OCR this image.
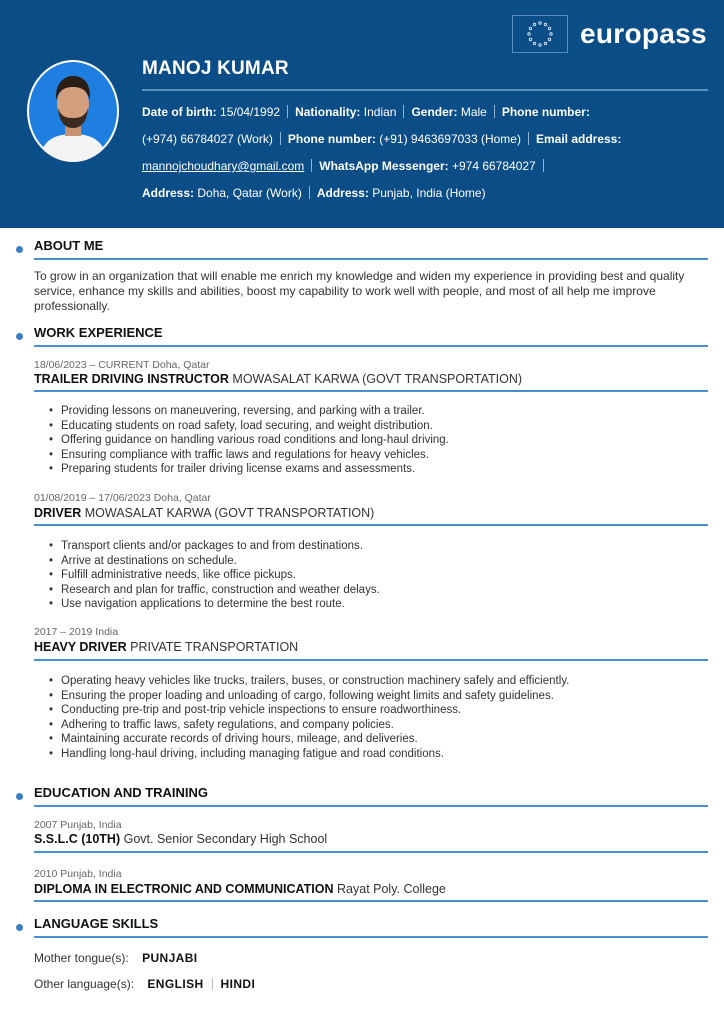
europass
MANOJ KUMAR
Date of birth: 15/04/1992 Nationality: Indian Gender: Male Phone number:
(+974) 66784027 (Work) Phone number: (+91) 9463697033 (Home) Email address:
mannojchoudhary@gmail.com WhatsApp Messenger: +974 66784027
Address: Doha, Qatar (Work) Address: Punjab, India (Home)
ABOUT ME
To grow in an organization that will enable me enrich my knowledge and widen my experience in providing best and quality service, enhance my skills and abilities, boost my capability to work well with people, and most of all help me improve professionally.
WORK EXPERIENCE
18/06/2023 – CURRENT Doha, Qatar
TRAILER DRIVING INSTRUCTOR MOWASALAT KARWA (GOVT TRANSPORTATION)
• Providing lessons on maneuvering, reversing, and parking with a trailer.
• Educating students on road safety, load securing, and weight distribution.
• Offering guidance on handling various road conditions and long-haul driving.
• Ensuring compliance with traffic laws and regulations for heavy vehicles.
• Preparing students for trailer driving license exams and assessments.
01/08/2019 – 17/06/2023 Doha, Qatar
DRIVER MOWASALAT KARWA (GOVT TRANSPORTATION)
• Transport clients and/or packages to and from destinations.
• Arrive at destinations on schedule.
• Fulfill administrative needs, like office pickups.
• Research and plan for traffic, construction and weather delays.
• Use navigation applications to determine the best route.
2017 – 2019 India
HEAVY DRIVER PRIVATE TRANSPORTATION
• Operating heavy vehicles like trucks, trailers, buses, or construction machinery safely and efficiently.
• Ensuring the proper loading and unloading of cargo, following weight limits and safety guidelines.
• Conducting pre-trip and post-trip vehicle inspections to ensure roadworthiness.
• Adhering to traffic laws, safety regulations, and company policies.
• Maintaining accurate records of driving hours, mileage, and deliveries.
• Handling long-haul driving, including managing fatigue and road conditions.
EDUCATION AND TRAINING
2007 Punjab, India
S.S.L.C (10TH) Govt. Senior Secondary High School
2010 Punjab, India
DIPLOMA IN ELECTRONIC AND COMMUNICATION Rayat Poly. College
LANGUAGE SKILLS
Mother tongue(s): PUNJABI
Other language(s): ENGLISH HINDI
